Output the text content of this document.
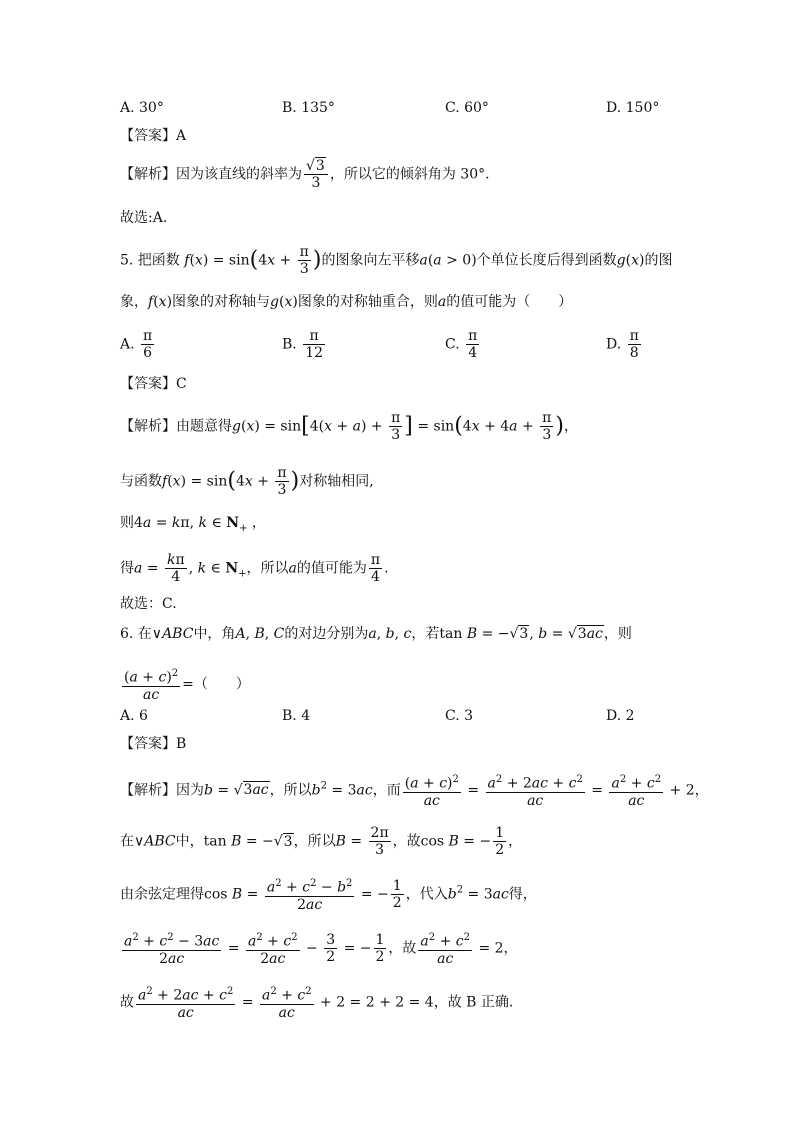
A. 30°	B. 135°	C. 60°	D. 150°
【答案】A
【解析】因为该直线的斜率为 $\frac{√3}{3}$ ，所以它的倾斜角为 30°.
故选:A.
5. 把函数 $f(x) = \sin(4x + \frac{\pi}{3}$ )的图象向左平移a(a > 0)个单位长度后得到函数g(x)的图
象，f(x)图象的对称轴与g(x)图象的对称轴重合，则a的值可能为（　　）
A. $\frac{\pi}{6}$	B. $\frac{\pi}{12}$	C. $\frac{\pi}{4}$	D. $\frac{\pi}{8}$
【答案】C
【解析】由题意得$g(x) = \sin[4(x + a) + \frac{\pi}{3}$ ] = $\sin(4x + 4a + \frac{\pi}{3}$ )，
与函数$f(x) = \sin(4x + \frac{\pi}{3}$ )对称轴相同,
则4a = kπ, k ∈ $N_+$ ，
得$a = \frac{k\pi}{4}$ , k ∈ $N_+$，所以a的值可能为 $\frac{\pi}{4}$ .
故选：C.
6. 在∨ABC中，角A, B, C的对边分别为a, b, c，若tan B = −√3, b = √3ac，则
$\frac{(a + c)^2}{ac}$ =（　　）
A. 6	B. 4	C. 3	D. 2
【答案】B
【解析】因为b = √3ac，所以$b^2 = 3ac$，而 $\frac{(a + c)^2}{ac} = \frac{a^2 + 2ac + c^2}{ac} = \frac{a^2 + c^2}{ac} + 2$，
在∨ABC中，tan B = −√3，所以$B = \frac{2\pi}{3}$ ，故cos B = − $\frac{1}{2}$ ，
由余弦定理得$\cos B = \frac{a^2 + c^2 - b^2}{2ac}$ = − $\frac{1}{2}$ ，代入$b^2 = 3ac$得，
$\frac{a^2 + c^2 - 3ac}{2ac} = \frac{a^2 + c^2}{2ac} - \frac{3}{2}$ = − $\frac{1}{2}$ ，故 $\frac{a^2 + c^2}{ac} = 2$，
故 $\frac{a^2 + 2ac + c^2}{ac} = \frac{a^2 + c^2}{ac} + 2 = 2 + 2 = 4$，故 B 正确.
